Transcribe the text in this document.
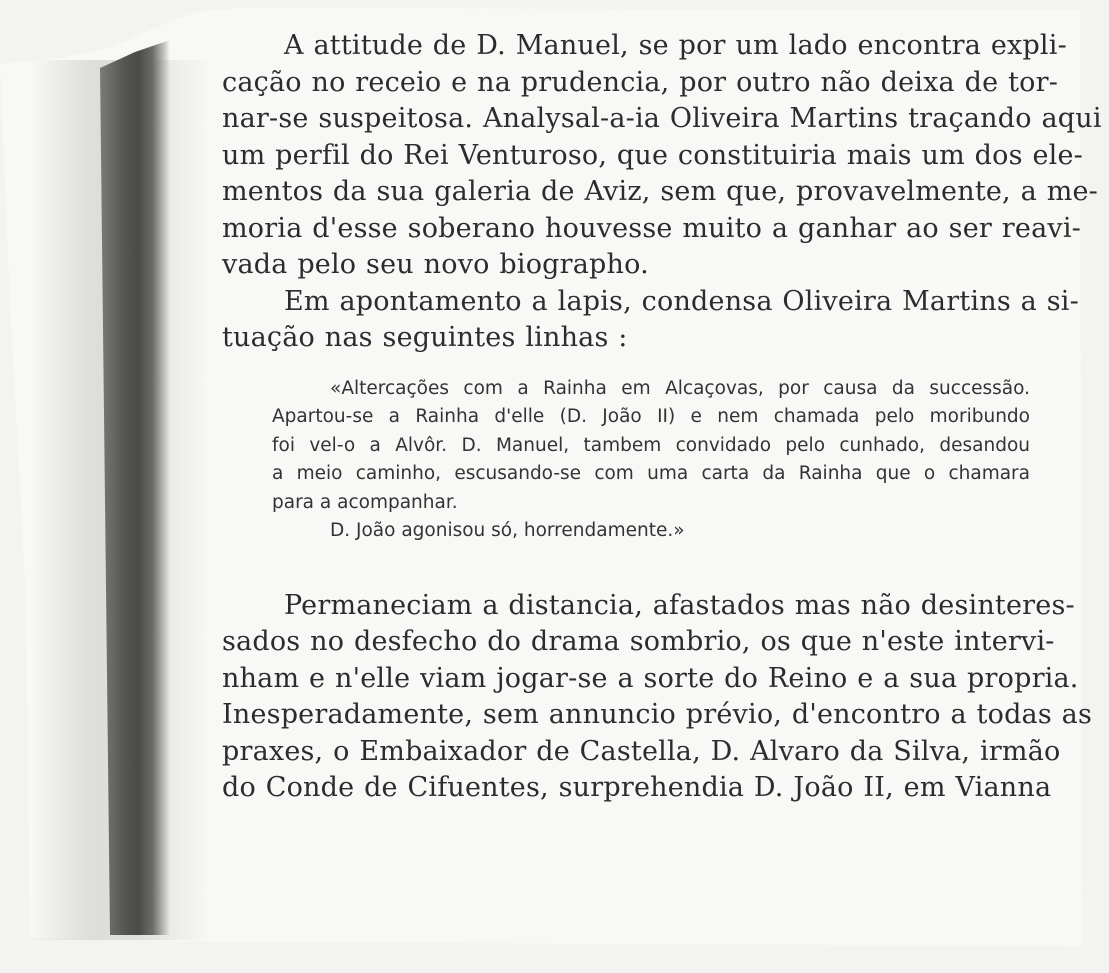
A attitude de D. Manuel, se por um lado encontra expli-
cação no receio e na prudencia, por outro não deixa de tor-
nar-se suspeitosa. Analysal-a-ia Oliveira Martins traçando aqui
um perfil do Rei Venturoso, que constituiria mais um dos ele-
mentos da sua galeria de Aviz, sem que, provavelmente, a me-
moria d'esse soberano houvesse muito a ganhar ao ser reavi-
vada pelo seu novo biographo.

Em apontamento a lapis, condensa Oliveira Martins a si-
tuação nas seguintes linhas :

«Altercações com a Rainha em Alcaçovas, por causa da successão.
Apartou-se a Rainha d'elle (D. João II) e nem chamada pelo moribundo
foi vel-o a Alvôr. D. Manuel, tambem convidado pelo cunhado, desandou
a meio caminho, escusando-se com uma carta da Rainha que o chamara
para a acompanhar.
D. João agonisou só, horrendamente.»

Permaneciam a distancia, afastados mas não desinteres-
sados no desfecho do drama sombrio, os que n'este intervi-
nham e n'elle viam jogar-se a sorte do Reino e a sua propria.
Inesperadamente, sem annuncio prévio, d'encontro a todas as
praxes, o Embaixador de Castella, D. Alvaro da Silva, irmão
do Conde de Cifuentes, surprehendia D. João II, em Vianna
